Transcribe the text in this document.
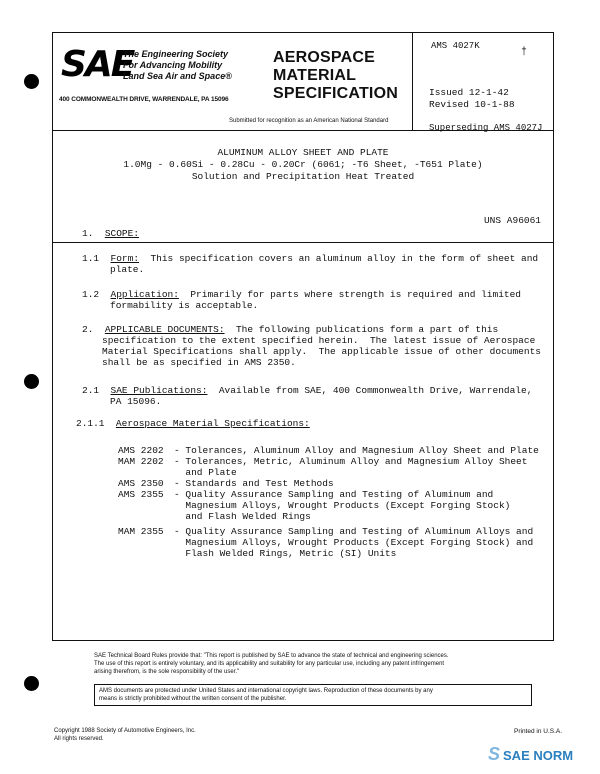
SAE
The Engineering Society
For Advancing Mobility
Land Sea Air and Space®
400 COMMONWEALTH DRIVE, WARRENDALE, PA 15096
AEROSPACE
MATERIAL
SPECIFICATION
Submitted for recognition as an American National Standard
AMS 4027K
†
Issued 12-1-42
Revised 10-1-88
Superseding AMS 4027J
ALUMINUM ALLOY SHEET AND PLATE
1.0Mg - 0.60Si - 0.28Cu - 0.20Cr (6061; -T6 Sheet, -T651 Plate)
Solution and Precipitation Heat Treated
UNS A96061
1. SCOPE:
1.1 Form: This specification covers an aluminum alloy in the form of sheet and
plate.
1.2 Application: Primarily for parts where strength is required and limited
formability is acceptable.
2. APPLICABLE DOCUMENTS: The following publications form a part of this
specification to the extent specified herein.  The latest issue of Aerospace
Material Specifications shall apply.  The applicable issue of other documents
shall be as specified in AMS 2350.
2.1 SAE Publications: Available from SAE, 400 Commonwealth Drive, Warrendale,
PA 15096.
2.1.1 Aerospace Material Specifications:
AMS 2202 - Tolerances, Aluminum Alloy and Magnesium Alloy Sheet and Plate
MAM 2202 - Tolerances, Metric, Aluminum Alloy and Magnesium Alloy Sheet
and Plate
AMS 2350 - Standards and Test Methods
AMS 2355 - Quality Assurance Sampling and Testing of Aluminum and
Magnesium Alloys, Wrought Products (Except Forging Stock)
and Flash Welded Rings
MAM 2355 - Quality Assurance Sampling and Testing of Aluminum Alloys and
Magnesium Alloys, Wrought Products (Except Forging Stock) and
Flash Welded Rings, Metric (SI) Units
SAE Technical Board Rules provide that: "This report is published by SAE to advance the state of technical and engineering sciences.
The use of this report is entirely voluntary, and its applicability and suitability for any particular use, including any patent infringement
arising therefrom, is the sole responsibility of the user."
AMS documents are protected under United States and international copyright laws. Reproduction of these documents by any
means is strictly prohibited without the written consent of the publisher.
Copyright 1988 Society of Automotive Engineers, Inc.
All rights reserved.
Printed in U.S.A.
S SAE NORM
